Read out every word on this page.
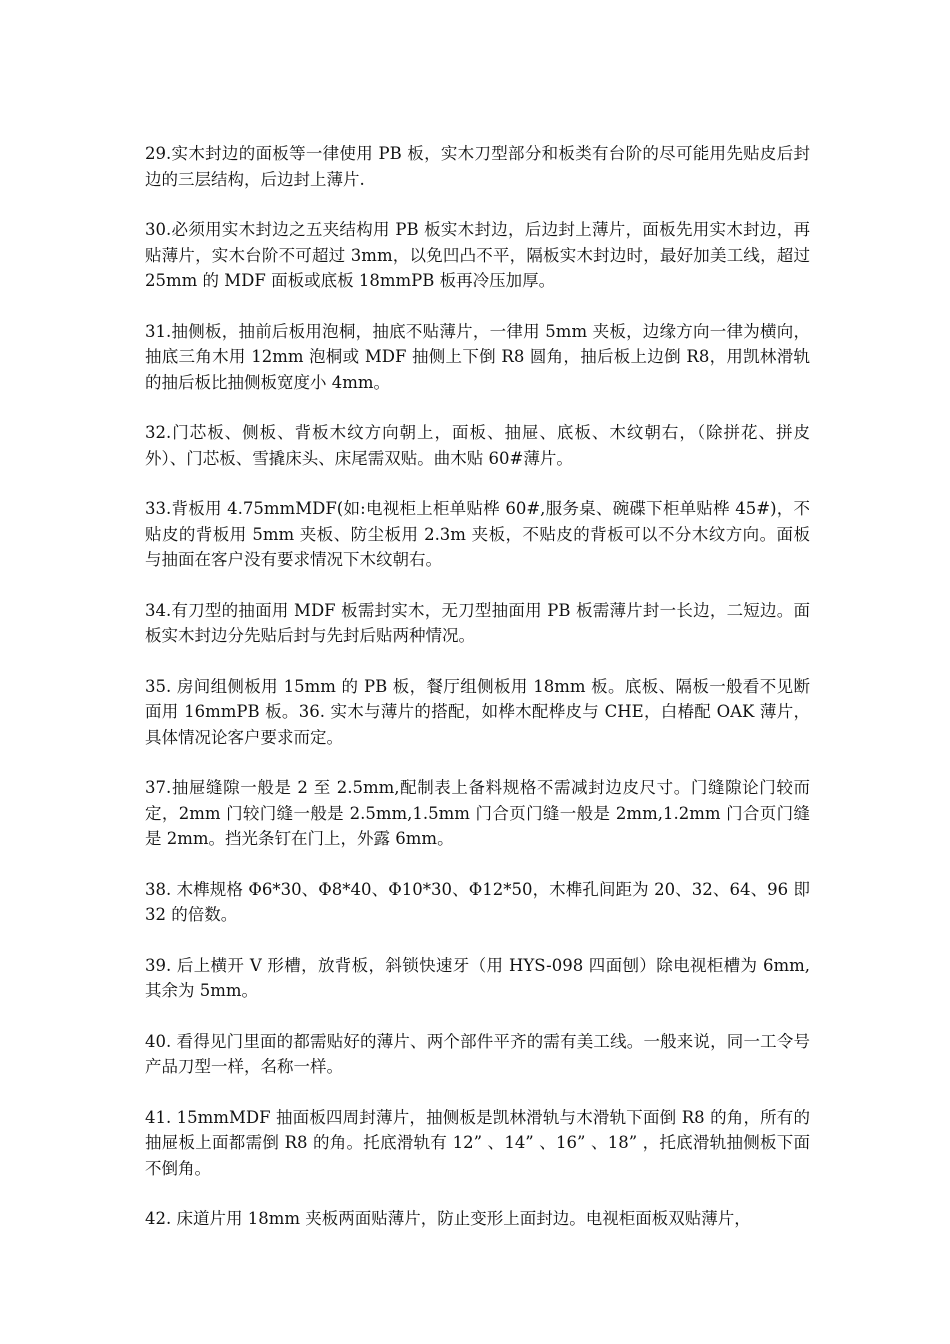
29.实木封边的面板等一律使用 PB 板，实木刀型部分和板类有台阶的尽可能用先贴皮后封边的三层结构，后边封上薄片.

30.必须用实木封边之五夹结构用 PB 板实木封边，后边封上薄片，面板先用实木封边，再贴薄片，实木台阶不可超过 3mm，以免凹凸不平，隔板实木封边时，最好加美工线，超过 25mm 的 MDF 面板或底板 18mmPB 板再冷压加厚。

31.抽侧板，抽前后板用泡桐，抽底不贴薄片，一律用 5mm 夹板，边缘方向一律为横向，抽底三角木用 12mm 泡桐或 MDF 抽侧上下倒 R8 圆角，抽后板上边倒 R8，用凯林滑轨的抽后板比抽侧板宽度小 4mm。

32.门芯板、侧板、背板木纹方向朝上，面板、抽屉、底板、木纹朝右，（除拼花、拼皮外）、门芯板、雪撬床头、床尾需双贴。曲木贴 60#薄片。

33.背板用 4.75mmMDF(如:电视柜上柜单贴桦 60#,服务桌、碗碟下柜单贴桦 45#)，不贴皮的背板用 5mm 夹板、防尘板用 2.3m 夹板，不贴皮的背板可以不分木纹方向。面板与抽面在客户没有要求情况下木纹朝右。

34.有刀型的抽面用 MDF 板需封实木，无刀型抽面用 PB 板需薄片封一长边，二短边。面板实木封边分先贴后封与先封后贴两种情况。

35. 房间组侧板用 15mm 的 PB 板，餐厅组侧板用 18mm 板。底板、隔板一般看不见断面用 16mmPB 板。36. 实木与薄片的搭配，如桦木配桦皮与 CHE，白椿配 OAK 薄片，具体情况论客户要求而定。

37.抽屉缝隙一般是 2 至 2.5mm,配制表上备料规格不需减封边皮尺寸。门缝隙论门较而定，2mm 门较门缝一般是 2.5mm,1.5mm 门合页门缝一般是 2mm,1.2mm 门合页门缝是 2mm。挡光条钉在门上，外露 6mm。

38. 木榫规格 Φ6*30、Φ8*40、Φ10*30、Φ12*50，木榫孔间距为 20、32、64、96 即 32 的倍数。

39. 后上横开 V 形槽，放背板，斜锁快速牙（用 HYS-098 四面刨）除电视柜槽为 6mm,其余为 5mm。

40. 看得见门里面的都需贴好的薄片、两个部件平齐的需有美工线。一般来说，同一工令号产品刀型一样，名称一样。

41. 15mmMDF 抽面板四周封薄片，抽侧板是凯林滑轨与木滑轨下面倒 R8 的角，所有的抽屉板上面都需倒 R8 的角。托底滑轨有 12” 、14” 、16” 、18” ，托底滑轨抽侧板下面不倒角。

42. 床道片用 18mm 夹板两面贴薄片，防止变形上面封边。电视柜面板双贴薄片，
